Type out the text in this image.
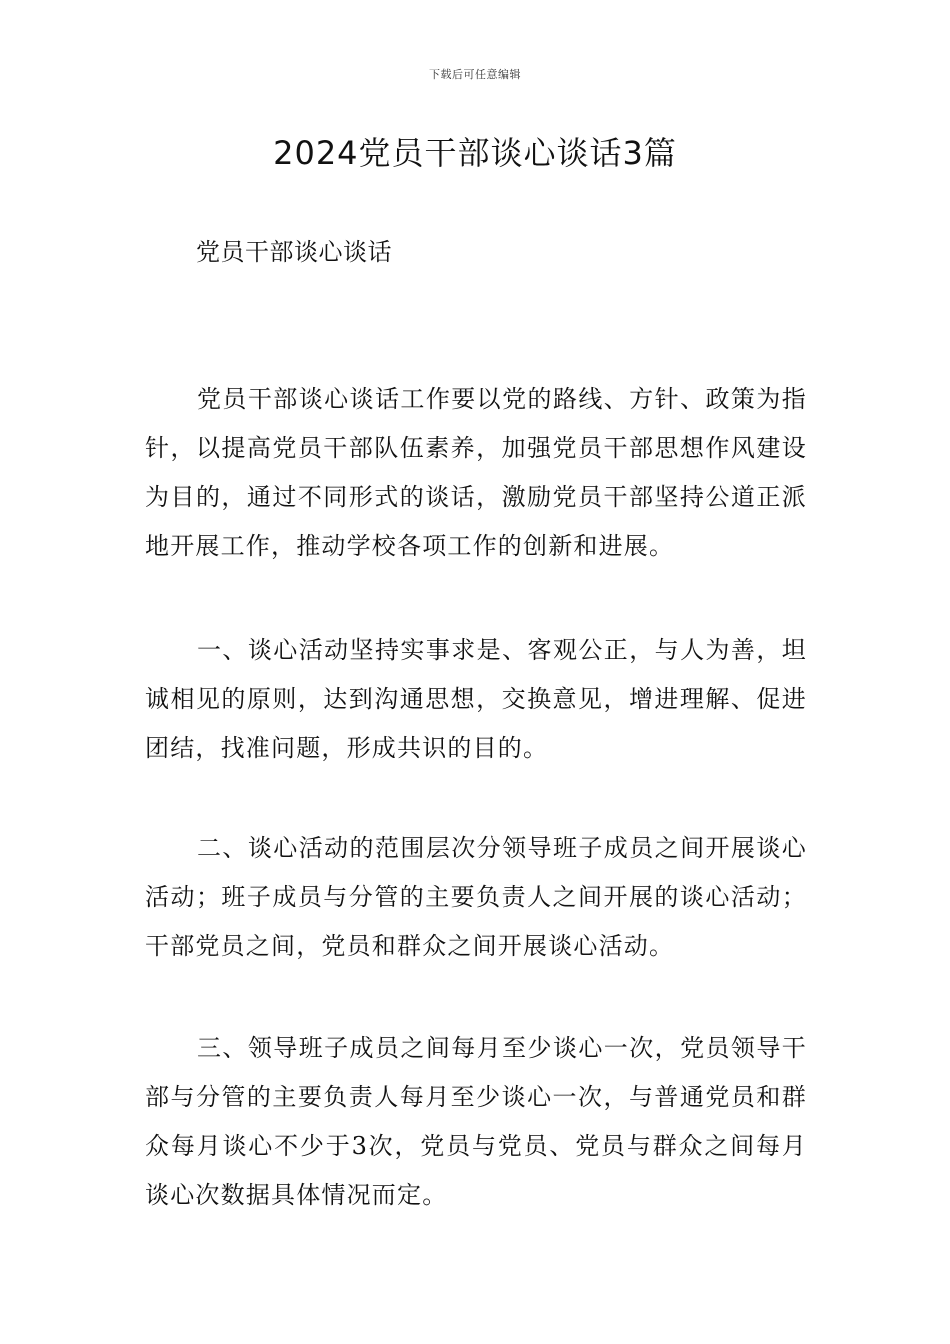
下载后可任意编辑
2024党员干部谈心谈话3篇
党员干部谈心谈话

党员干部谈心谈话工作要以党的路线、方针、政策为指针，以提高党员干部队伍素养，加强党员干部思想作风建设为目的，通过不同形式的谈话，激励党员干部坚持公道正派地开展工作，推动学校各项工作的创新和进展。

一、谈心活动坚持实事求是、客观公正，与人为善，坦诚相见的原则，达到沟通思想，交换意见，增进理解、促进团结，找准问题，形成共识的目的。

二、谈心活动的范围层次分领导班子成员之间开展谈心活动；班子成员与分管的主要负责人之间开展的谈心活动；干部党员之间，党员和群众之间开展谈心活动。

三、领导班子成员之间每月至少谈心一次，党员领导干部与分管的主要负责人每月至少谈心一次，与普通党员和群众每月谈心不少于3次，党员与党员、党员与群众之间每月谈心次数据具体情况而定。
